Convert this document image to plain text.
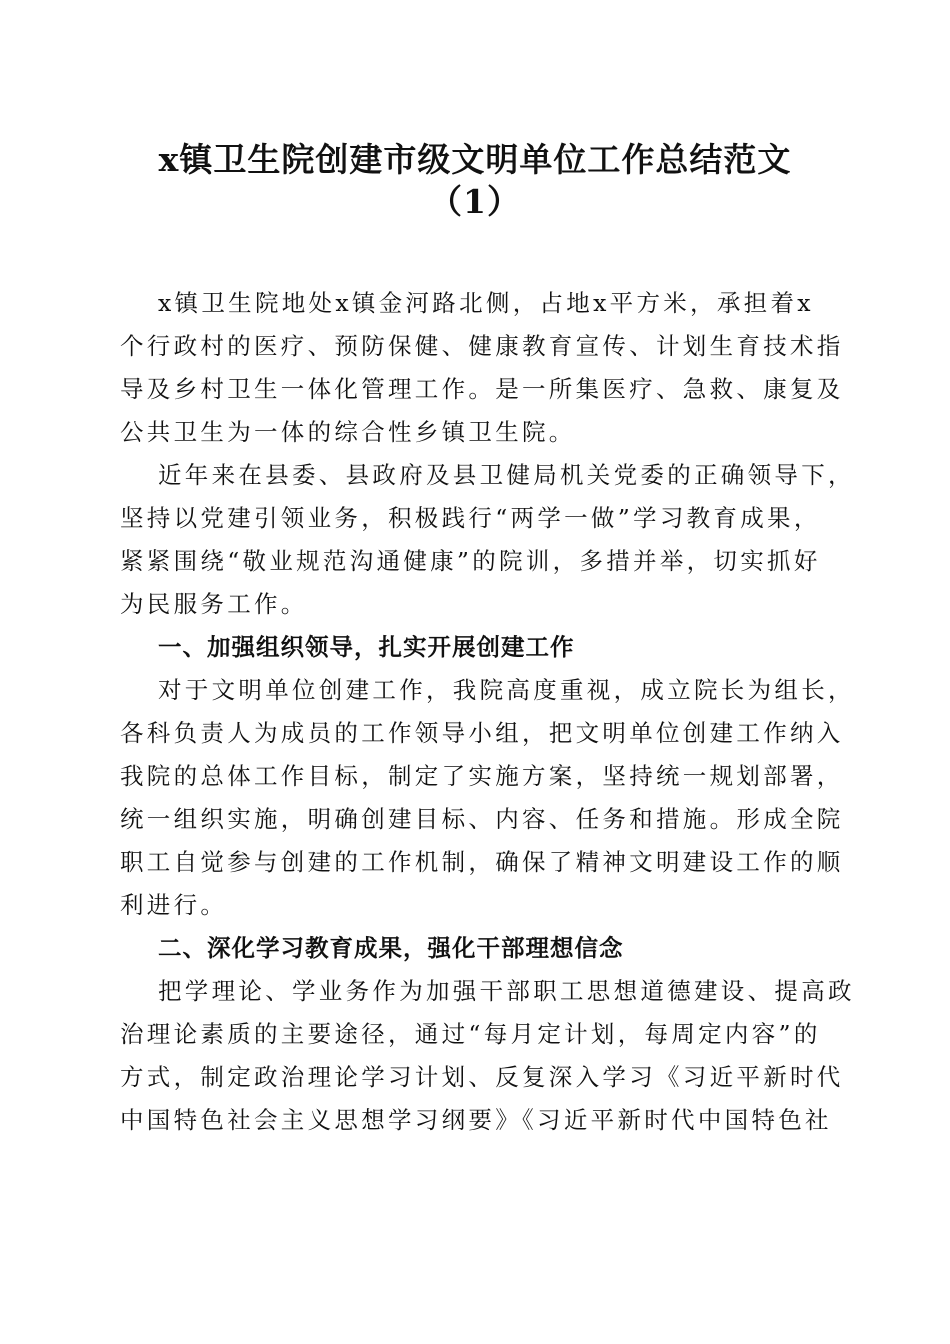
x镇卫生院创建市级文明单位工作总结范文
（1）
x镇卫生院地处x镇金河路北侧，占地x平方米，承担着x
个行政村的医疗、预防保健、健康教育宣传、计划生育技术指
导及乡村卫生一体化管理工作。是一所集医疗、急救、康复及
公共卫生为一体的综合性乡镇卫生院。
近年来在县委、县政府及县卫健局机关党委的正确领导下，
坚持以党建引领业务，积极践行“两学一做”学习教育成果，
紧紧围绕“敬业规范沟通健康”的院训，多措并举，切实抓好
为民服务工作。
一、加强组织领导，扎实开展创建工作
对于文明单位创建工作，我院高度重视，成立院长为组长，
各科负责人为成员的工作领导小组，把文明单位创建工作纳入
我院的总体工作目标，制定了实施方案，坚持统一规划部署，
统一组织实施，明确创建目标、内容、任务和措施。形成全院
职工自觉参与创建的工作机制，确保了精神文明建设工作的顺
利进行。
二、深化学习教育成果，强化干部理想信念
把学理论、学业务作为加强干部职工思想道德建设、提高政
治理论素质的主要途径，通过“每月定计划，每周定内容”的
方式，制定政治理论学习计划、反复深入学习《习近平新时代
中国特色社会主义思想学习纲要》《习近平新时代中国特色社
